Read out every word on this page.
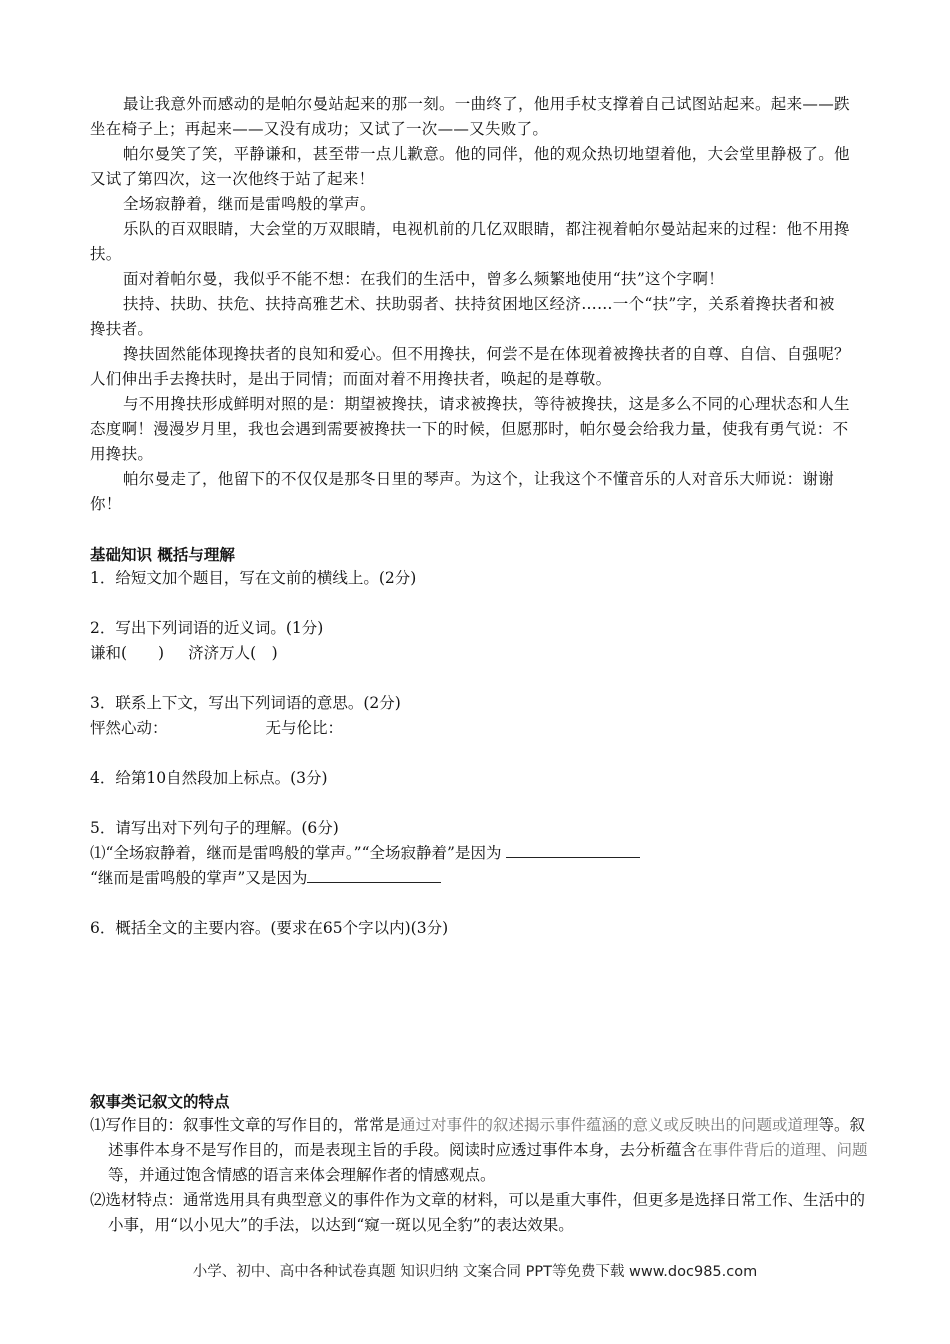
最让我意外而感动的是帕尔曼站起来的那一刻。一曲终了，他用手杖支撑着自己试图站起来。起来——跌坐在椅子上；再起来——又没有成功；又试了一次——又失败了。

帕尔曼笑了笑，平静谦和，甚至带一点儿歉意。他的同伴，他的观众热切地望着他，大会堂里静极了。他又试了第四次，这一次他终于站了起来！

全场寂静着，继而是雷鸣般的掌声。

乐队的百双眼睛，大会堂的万双眼睛，电视机前的几亿双眼睛，都注视着帕尔曼站起来的过程：他不用搀扶。

面对着帕尔曼，我似乎不能不想：在我们的生活中，曾多么频繁地使用“扶”这个字啊！

扶持、扶助、扶危、扶持高雅艺术、扶助弱者、扶持贫困地区经济……一个“扶”字，关系着搀扶者和被搀扶者。

搀扶固然能体现搀扶者的良知和爱心。但不用搀扶，何尝不是在体现着被搀扶者的自尊、自信、自强呢？人们伸出手去搀扶时，是出于同情；而面对着不用搀扶者，唤起的是尊敬。

与不用搀扶形成鲜明对照的是：期望被搀扶，请求被搀扶，等待被搀扶，这是多么不同的心理状态和人生态度啊！漫漫岁月里，我也会遇到需要被搀扶一下的时候，但愿那时，帕尔曼会给我力量，使我有勇气说：不用搀扶。

帕尔曼走了，他留下的不仅仅是那冬日里的琴声。为这个，让我这个不懂音乐的人对音乐大师说：谢谢你！

基础知识 概括与理解

1．给短文加个题目，写在文前的横线上。(2分)

2．写出下列词语的近义词。(1分)

谦和(　　) 济济万人(　)

3．联系上下文，写出下列词语的意思。(2分)

怦然心动：	无与伦比：

4．给第10自然段加上标点。(3分)

5．请写出对下列句子的理解。(6分)

⑴“全场寂静着，继而是雷鸣般的掌声。”“全场寂静着”是因为

“继而是雷鸣般的掌声”又是因为

6．概括全文的主要内容。(要求在65个字以内)(3分)

叙事类记叙文的特点

⑴写作目的：叙事性文章的写作目的，常常是通过对事件的叙述揭示事件蕴涵的意义或反映出的问题或道理等。叙述事件本身不是写作目的，而是表现主旨的手段。阅读时应透过事件本身，去分析蕴含在事件背后的道理、问题等，并通过饱含情感的语言来体会理解作者的情感观点。

⑵选材特点：通常选用具有典型意义的事件作为文章的材料，可以是重大事件，但更多是选择日常工作、生活中的小事，用“以小见大”的手法，以达到“窥一斑以见全豹”的表达效果。

小学、初中、高中各种试卷真题 知识归纳 文案合同 PPT等免费下载 www.doc985.com
